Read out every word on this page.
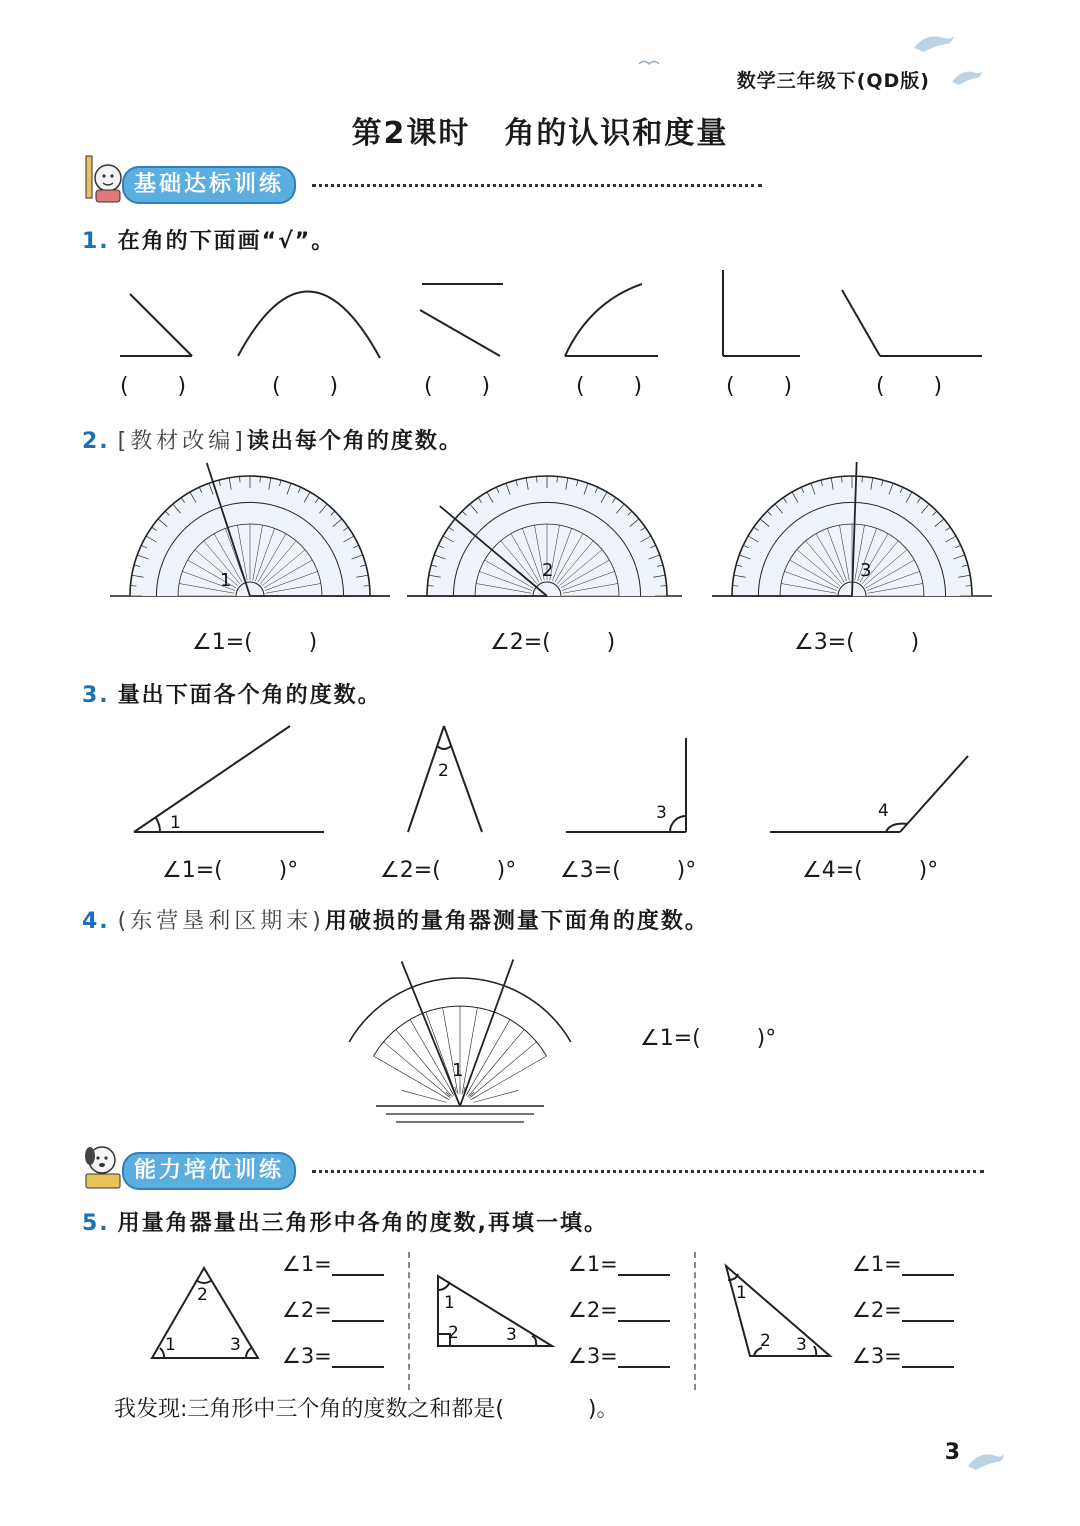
数学三年级下(QD版)
第2课时 角的认识和度量
基础达标训练
1. 在角的下面画“√”。
(       )	(       )	(       )	(       )	(       )	(       )
2. [教材改编]读出每个角的度数。
1	2	3
∠1=(        )	∠2=(        )	∠3=(        )
3. 量出下面各个角的度数。
1
2
3	4
∠1=(        )°	∠2=(        )° ∠3=(        )°	∠4=(        )°
4. (东营垦利区期末)用破损的量角器测量下面角的度数。
1
∠1=(        )°
能力培优训练
5. 用量角器量出三角形中各角的度数,再填一填。
2
1	3
1
2	3
1
2 3
∠1=
∠2=
∠3=
∠1=
∠2=
∠3=
∠1=
∠2=
∠3=
我发现:三角形中三个角的度数之和都是(            )。
3
